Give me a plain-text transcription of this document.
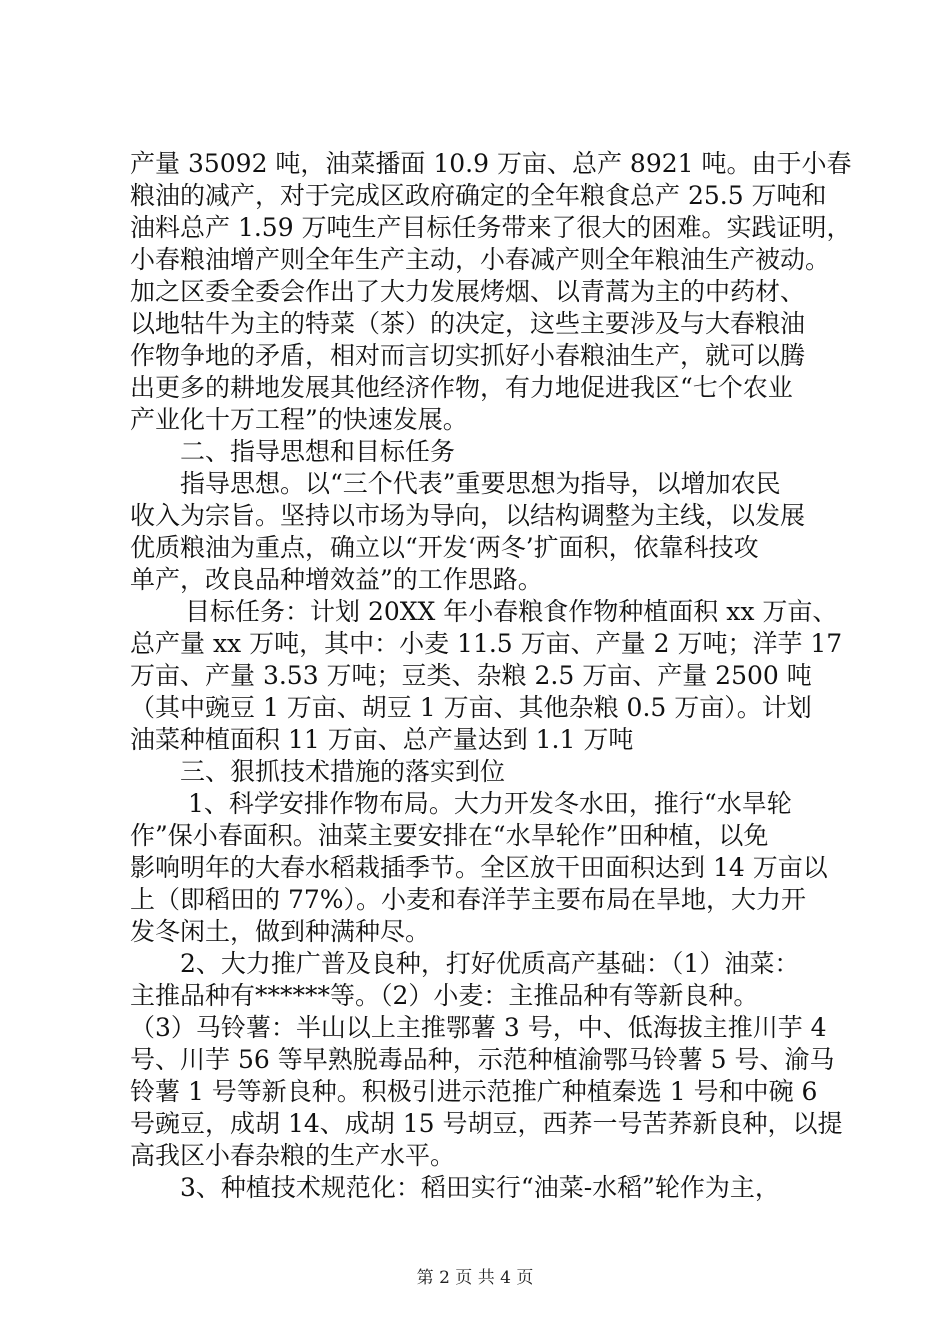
产量 35092 吨，油菜播面 10.9 万亩、总产 8921 吨。由于小春
粮油的减产，对于完成区政府确定的全年粮食总产 25.5 万吨和
油料总产 1.59 万吨生产目标任务带来了很大的困难。实践证明，
小春粮油增产则全年生产主动，小春减产则全年粮油生产被动。
加之区委全委会作出了大力发展烤烟、以青蒿为主的中药材、
以地牯牛为主的特菜（茶）的决定，这些主要涉及与大春粮油
作物争地的矛盾，相对而言切实抓好小春粮油生产，就可以腾
出更多的耕地发展其他经济作物，有力地促进我区“七个农业
产业化十万工程”的快速发展。
二、指导思想和目标任务
指导思想。以“三个代表”重要思想为指导，以增加农民
收入为宗旨。坚持以市场为导向，以结构调整为主线，以发展
优质粮油为重点，确立以“开发‘两冬’扩面积，依靠科技攻
单产，改良品种增效益”的工作思路。
目标任务：计划 20XX 年小春粮食作物种植面积 xx 万亩、
总产量 xx 万吨，其中：小麦 11.5 万亩、产量 2 万吨；洋芋 17
万亩、产量 3.53 万吨；豆类、杂粮 2.5 万亩、产量 2500 吨
（其中豌豆 1 万亩、胡豆 1 万亩、其他杂粮 0.5 万亩）。计划
油菜种植面积 11 万亩、总产量达到 1.1 万吨
三、狠抓技术措施的落实到位
1、科学安排作物布局。大力开发冬水田，推行“水旱轮
作”保小春面积。油菜主要安排在“水旱轮作”田种植，以免
影响明年的大春水稻栽插季节。全区放干田面积达到 14 万亩以
上（即稻田的 77%）。小麦和春洋芋主要布局在旱地，大力开
发冬闲土，做到种满种尽。
2、大力推广普及良种，打好优质高产基础：（1）油菜：
主推品种有******等。（2）小麦：主推品种有等新良种。
（3）马铃薯：半山以上主推鄂薯 3 号，中、低海拔主推川芋 4
号、川芋 56 等早熟脱毒品种，示范种植渝鄂马铃薯 5 号、渝马
铃薯 1 号等新良种。积极引进示范推广种植秦选 1 号和中碗 6
号豌豆，成胡 14、成胡 15 号胡豆，西荞一号苦荞新良种，以提
高我区小春杂粮的生产水平。
3、种植技术规范化：稻田实行“油菜-水稻”轮作为主，
第 2 页 共 4 页
